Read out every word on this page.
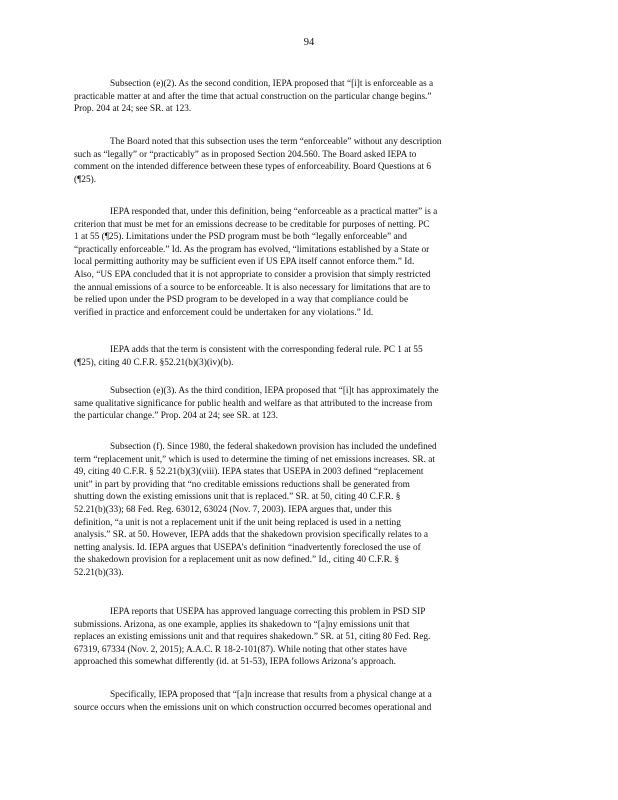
94
Subsection (e)(2). As the second condition, IEPA proposed that “[i]t is enforceable as a
practicable matter at and after the time that actual construction on the particular change begins.”
Prop. 204 at 24; see SR. at 123.
The Board noted that this subsection uses the term “enforceable” without any description
such as “legally” or “practicably” as in proposed Section 204.560. The Board asked IEPA to
comment on the intended difference between these types of enforceability. Board Questions at 6
(¶25).
IEPA responded that, under this definition, being “enforceable as a practical matter” is a
criterion that must be met for an emissions decrease to be creditable for purposes of netting. PC
1 at 55 (¶25). Limitations under the PSD program must be both “legally enforceable” and
“practically enforceable.” Id. As the program has evolved, “limitations established by a State or
local permitting authority may be sufficient even if US EPA itself cannot enforce them.” Id.
Also, “US EPA concluded that it is not appropriate to consider a provision that simply restricted
the annual emissions of a source to be enforceable. It is also necessary for limitations that are to
be relied upon under the PSD program to be developed in a way that compliance could be
verified in practice and enforcement could be undertaken for any violations.” Id.
IEPA adds that the term is consistent with the corresponding federal rule. PC 1 at 55
(¶25), citing 40 C.F.R. §52.21(b)(3)(iv)(b).
Subsection (e)(3). As the third condition, IEPA proposed that “[i]t has approximately the
same qualitative significance for public health and welfare as that attributed to the increase from
the particular change.” Prop. 204 at 24; see SR. at 123.
Subsection (f). Since 1980, the federal shakedown provision has included the undefined
term “replacement unit,” which is used to determine the timing of net emissions increases. SR. at
49, citing 40 C.F.R. § 52.21(b)(3)(viii). IEPA states that USEPA in 2003 defined “replacement
unit” in part by providing that “no creditable emissions reductions shall be generated from
shutting down the existing emissions unit that is replaced.” SR. at 50, citing 40 C.F.R. §
52.21(b)(33); 68 Fed. Reg. 63012, 63024 (Nov. 7, 2003). IEPA argues that, under this
definition, “a unit is not a replacement unit if the unit being replaced is used in a netting
analysis.” SR. at 50. However, IEPA adds that the shakedown provision specifically relates to a
netting analysis. Id. IEPA argues that USEPA’s definition “inadvertently foreclosed the use of
the shakedown provision for a replacement unit as now defined.” Id., citing 40 C.F.R. §
52.21(b)(33).
IEPA reports that USEPA has approved language correcting this problem in PSD SIP
submissions. Arizona, as one example, applies its shakedown to “[a]ny emissions unit that
replaces an existing emissions unit and that requires shakedown.” SR. at 51, citing 80 Fed. Reg.
67319, 67334 (Nov. 2, 2015); A.A.C. R 18-2-101(87). While noting that other states have
approached this somewhat differently (id. at 51-53), IEPA follows Arizona’s approach.
Specifically, IEPA proposed that “[a]n increase that results from a physical change at a
source occurs when the emissions unit on which construction occurred becomes operational and
